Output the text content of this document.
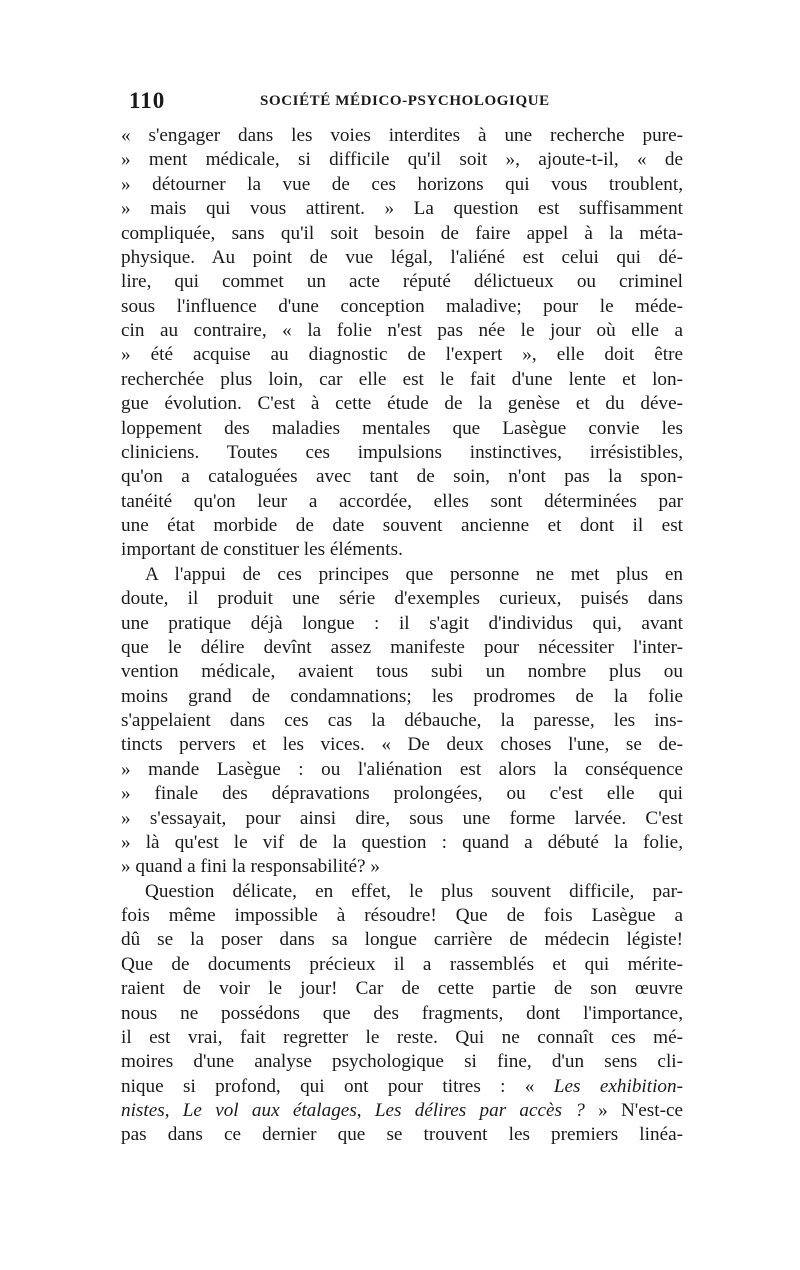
110	SOCIÉTÉ MÉDICO-PSYCHOLOGIQUE
« s'engager dans les voies interdites à une recherche pure-
» ment médicale, si difficile qu'il soit », ajoute-t-il, « de
» détourner la vue de ces horizons qui vous troublent,
» mais qui vous attirent. » La question est suffisamment
compliquée, sans qu'il soit besoin de faire appel à la méta-
physique. Au point de vue légal, l'aliéné est celui qui dé-
lire, qui commet un acte réputé délictueux ou criminel
sous l'influence d'une conception maladive; pour le méde-
cin au contraire, « la folie n'est pas née le jour où elle a
» été acquise au diagnostic de l'expert », elle doit être
recherchée plus loin, car elle est le fait d'une lente et lon-
gue évolution. C'est à cette étude de la genèse et du déve-
loppement des maladies mentales que Lasègue convie les
cliniciens. Toutes ces impulsions instinctives, irrésistibles,
qu'on a cataloguées avec tant de soin, n'ont pas la spon-
tanéité qu'on leur a accordée, elles sont déterminées par
une état morbide de date souvent ancienne et dont il est
important de constituer les éléments.
A l'appui de ces principes que personne ne met plus en
doute, il produit une série d'exemples curieux, puisés dans
une pratique déjà longue : il s'agit d'individus qui, avant
que le délire devînt assez manifeste pour nécessiter l'inter-
vention médicale, avaient tous subi un nombre plus ou
moins grand de condamnations; les prodromes de la folie
s'appelaient dans ces cas la débauche, la paresse, les ins-
tincts pervers et les vices. « De deux choses l'une, se de-
» mande Lasègue : ou l'aliénation est alors la conséquence
» finale des dépravations prolongées, ou c'est elle qui
» s'essayait, pour ainsi dire, sous une forme larvée. C'est
» là qu'est le vif de la question : quand a débuté la folie,
» quand a fini la responsabilité? »
Question délicate, en effet, le plus souvent difficile, par-
fois même impossible à résoudre! Que de fois Lasègue a
dû se la poser dans sa longue carrière de médecin légiste!
Que de documents précieux il a rassemblés et qui mérite-
raient de voir le jour! Car de cette partie de son œuvre
nous ne possédons que des fragments, dont l'importance,
il est vrai, fait regretter le reste. Qui ne connaît ces mé-
moires d'une analyse psychologique si fine, d'un sens cli-
nique si profond, qui ont pour titres : « Les exhibition-
nistes, Le vol aux étalages, Les délires par accès ? » N'est-ce
pas dans ce dernier que se trouvent les premiers linéa-
